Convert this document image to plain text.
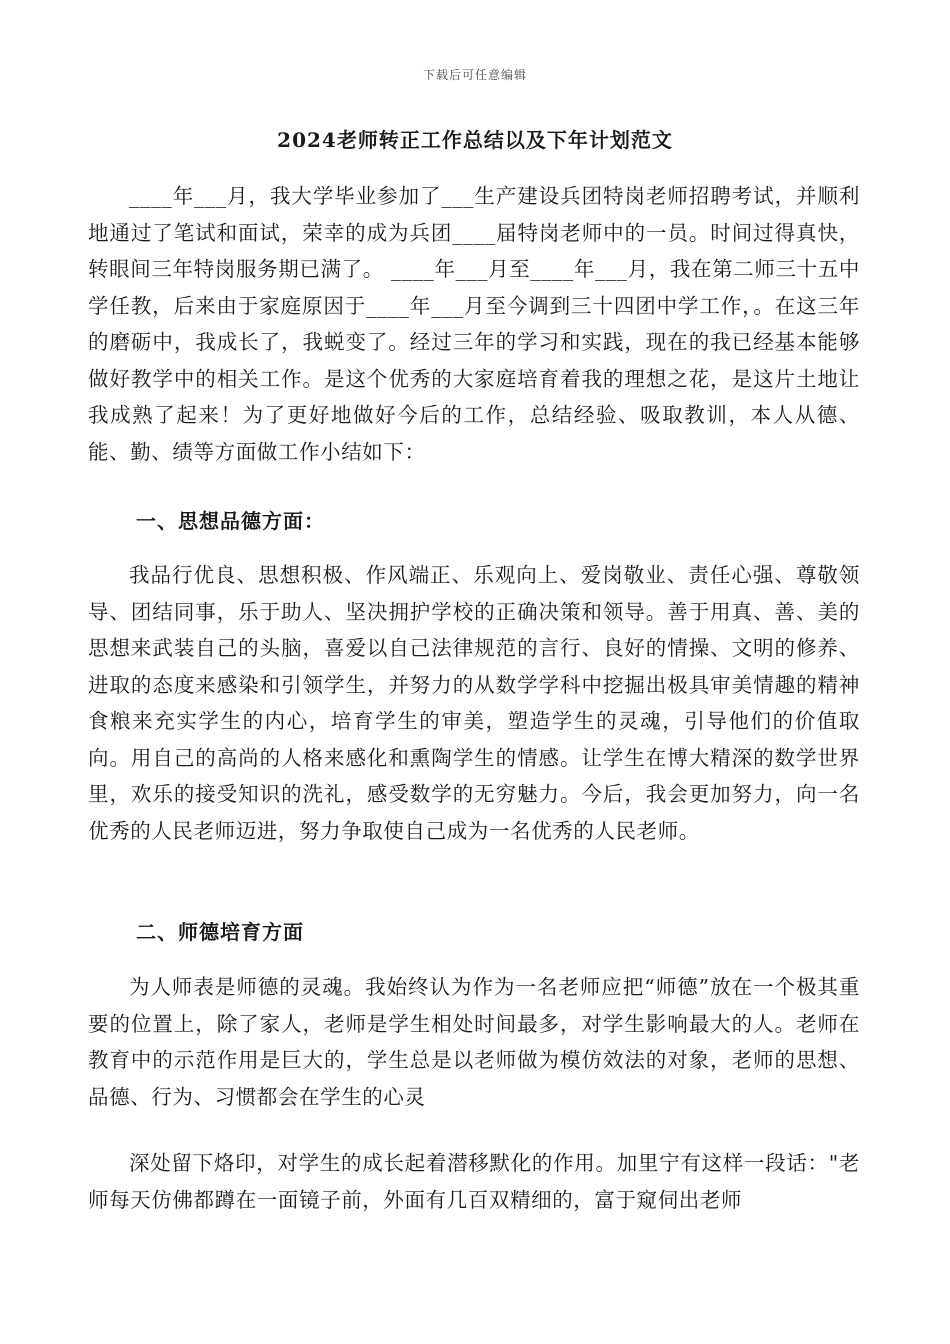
下载后可任意编辑
2024老师转正工作总结以及下年计划范文
____年___月，我大学毕业参加了___生产建设兵团特岗老师招聘考试，并顺利地通过了笔试和面试，荣幸的成为兵团____届特岗老师中的一员。时间过得真快，转眼间三年特岗服务期已满了。 ____年___月至____年___月，我在第二师三十五中学任教，后来由于家庭原因于____年___月至今调到三十四团中学工作，。在这三年的磨砺中，我成长了，我蜕变了。经过三年的学习和实践，现在的我已经基本能够做好教学中的相关工作。是这个优秀的大家庭培育着我的理想之花，是这片土地让我成熟了起来！为了更好地做好今后的工作，总结经验、吸取教训，本人从德、能、勤、绩等方面做工作小结如下：
一、思想品德方面：
我品行优良、思想积极、作风端正、乐观向上、爱岗敬业、责任心强、尊敬领导、团结同事，乐于助人、坚决拥护学校的正确决策和领导。善于用真、善、美的思想来武装自己的头脑，喜爱以自己法律规范的言行、良好的情操、文明的修养、进取的态度来感染和引领学生，并努力的从数学学科中挖掘出极具审美情趣的精神食粮来充实学生的内心，培育学生的审美，塑造学生的灵魂，引导他们的价值取向。用自己的高尚的人格来感化和熏陶学生的情感。让学生在博大精深的数学世界里，欢乐的接受知识的洗礼，感受数学的无穷魅力。今后，我会更加努力，向一名优秀的人民老师迈进，努力争取使自己成为一名优秀的人民老师。
二、师德培育方面
为人师表是师德的灵魂。我始终认为作为一名老师应把“师德”放在一个极其重要的位置上，除了家人，老师是学生相处时间最多，对学生影响最大的人。老师在教育中的示范作用是巨大的，学生总是以老师做为模仿效法的对象，老师的思想、品德、行为、习惯都会在学生的心灵
深处留下烙印，对学生的成长起着潜移默化的作用。加里宁有这样一段话："老师每天仿佛都蹲在一面镜子前，外面有几百双精细的，富于窥伺出老师
